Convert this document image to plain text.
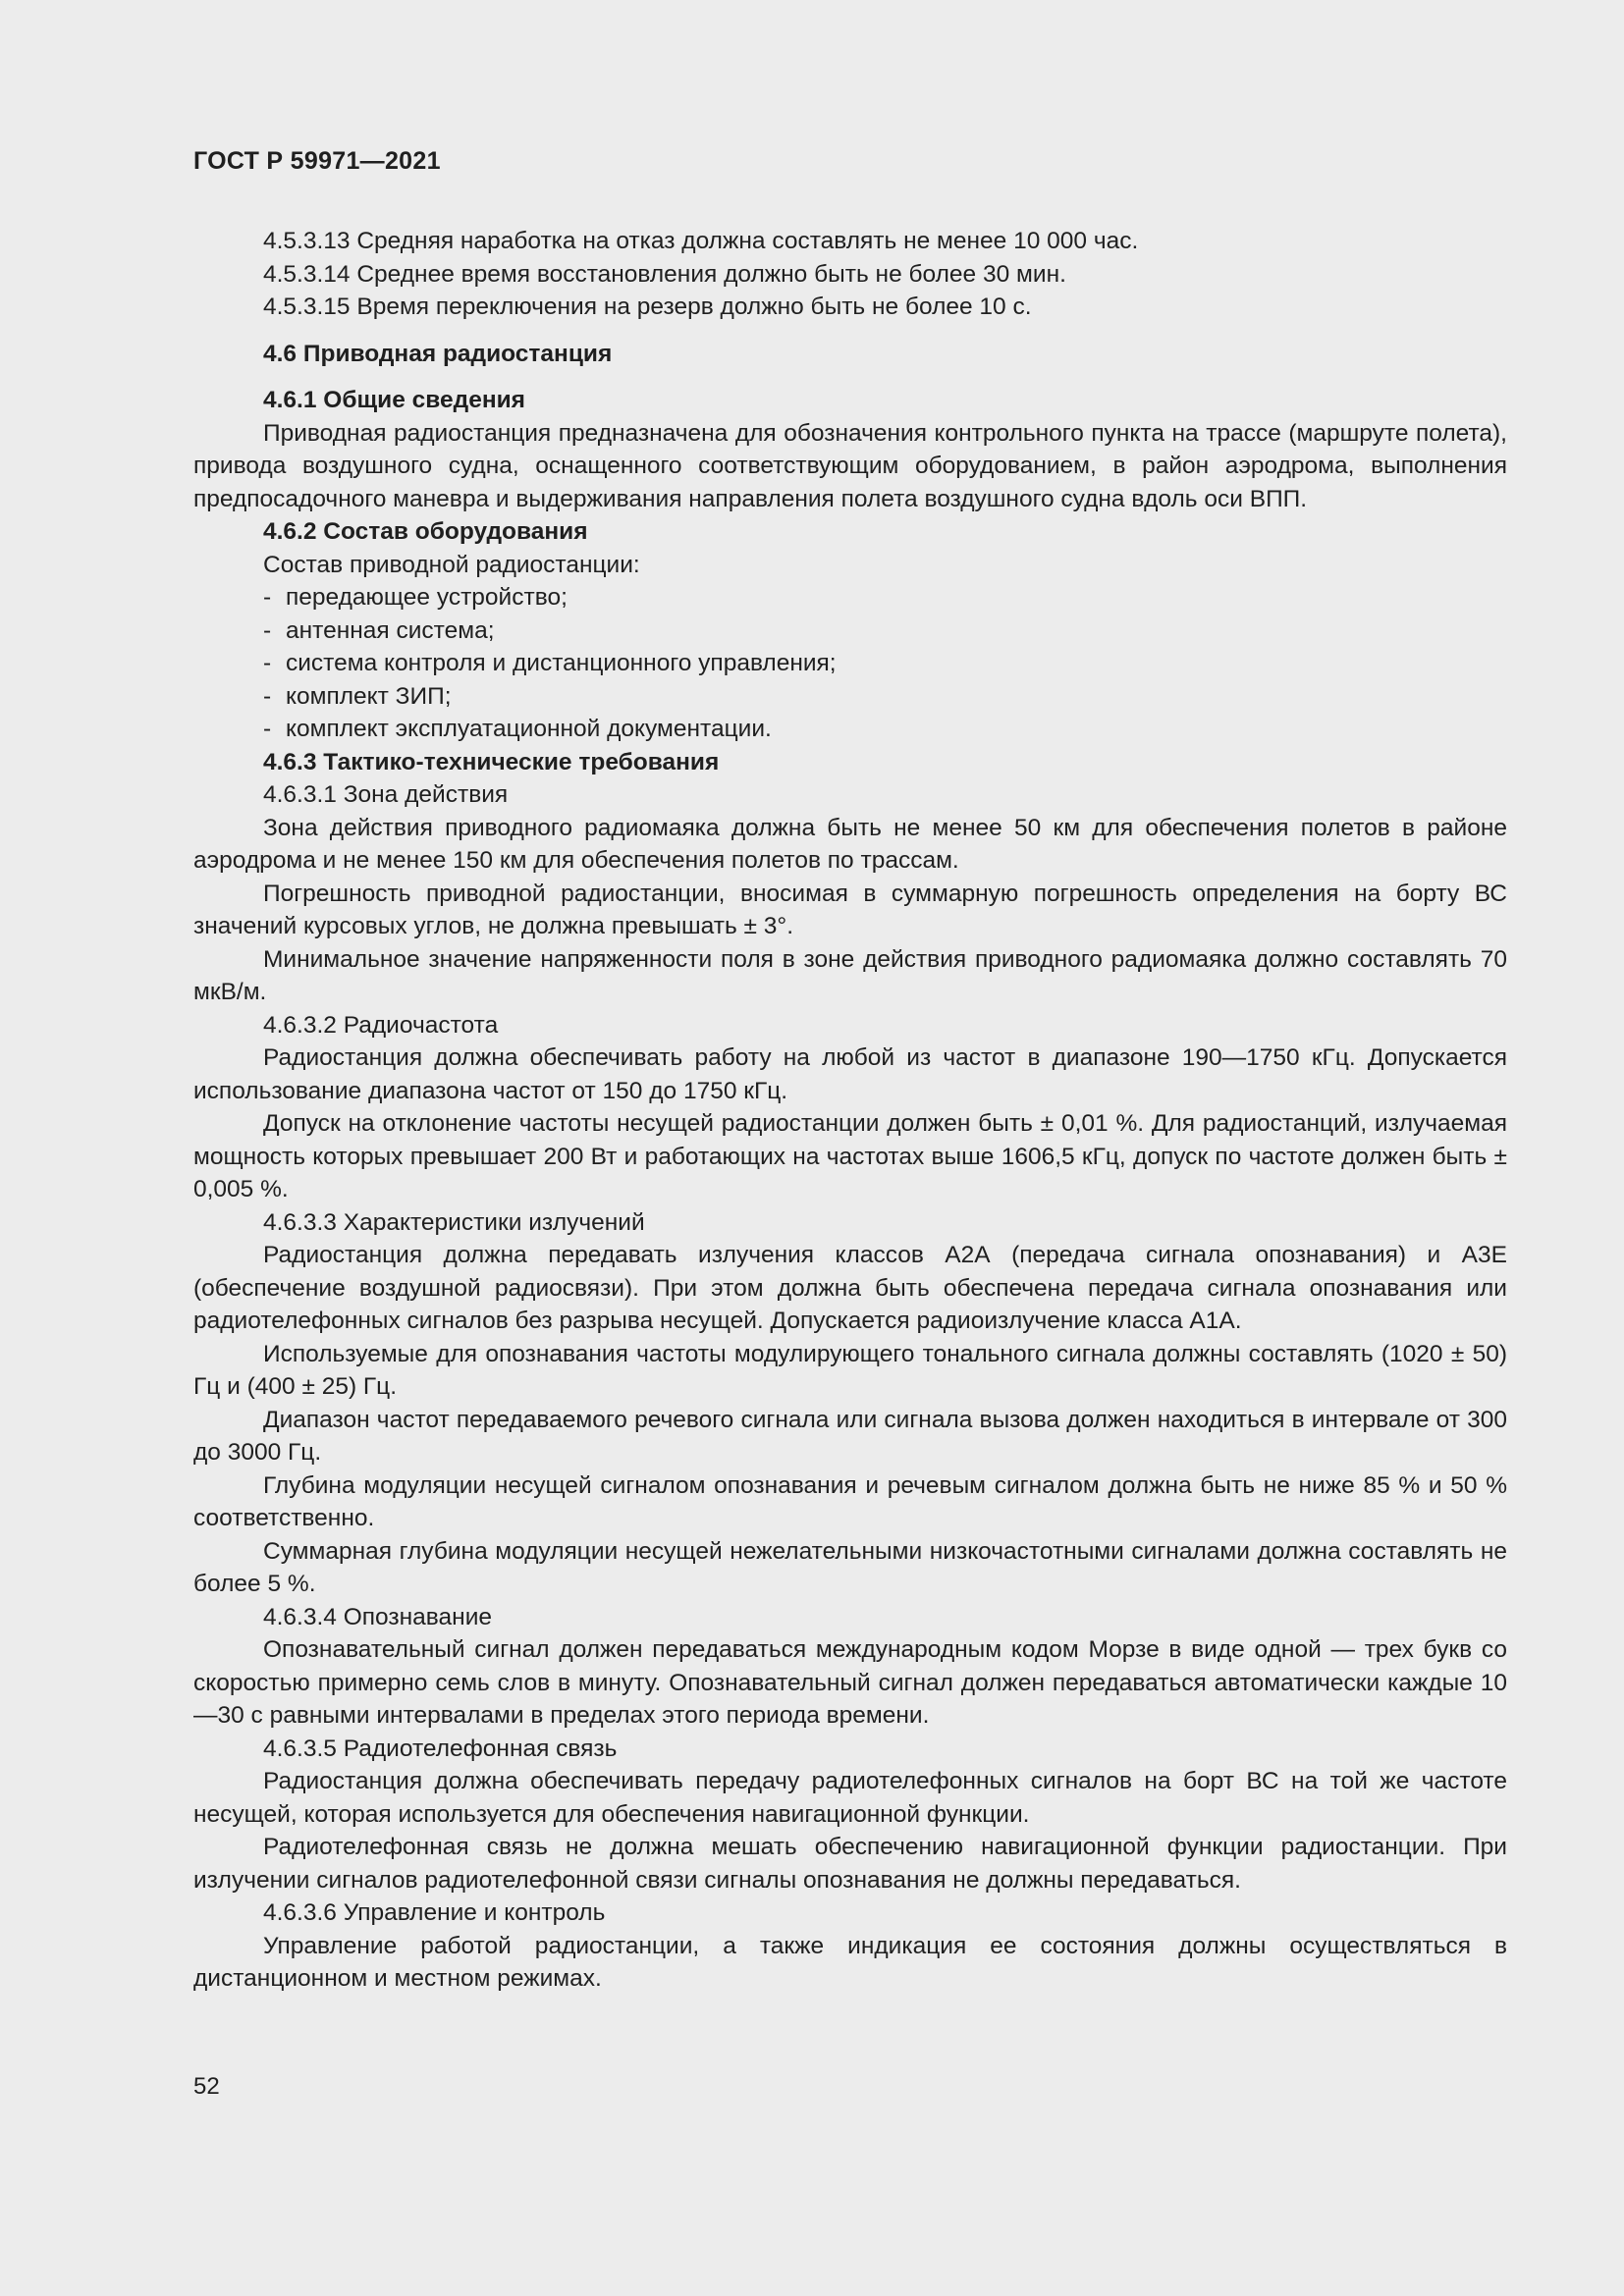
ГОСТ Р 59971—2021

4.5.3.13 Средняя наработка на отказ должна составлять не менее 10 000 час.

4.5.3.14 Среднее время восстановления должно быть не более 30 мин.

4.5.3.15 Время переключения на резерв должно быть не более 10 с.

4.6 Приводная радиостанция

4.6.1 Общие сведения

Приводная радиостанция предназначена для обозначения контрольного пункта на трассе (маршруте полета), привода воздушного судна, оснащенного соответствующим оборудованием, в район аэродрома, выполнения предпосадочного маневра и выдерживания направления полета воздушного судна вдоль оси ВПП.

4.6.2 Состав оборудования

Состав приводной радиостанции:

- передающее устройство;

- антенная система;

- система контроля и дистанционного управления;

- комплект ЗИП;

- комплект эксплуатационной документации.

4.6.3 Тактико-технические требования

4.6.3.1 Зона действия

Зона действия приводного радиомаяка должна быть не менее 50 км для обеспечения полетов в районе аэродрома и не менее 150 км для обеспечения полетов по трассам.

Погрешность приводной радиостанции, вносимая в суммарную погрешность определения на борту ВС значений курсовых углов, не должна превышать ± 3°.

Минимальное значение напряженности поля в зоне действия приводного радиомаяка должно составлять 70 мкВ/м.

4.6.3.2 Радиочастота

Радиостанция должна обеспечивать работу на любой из частот в диапазоне 190—1750 кГц. Допускается использование диапазона частот от 150 до 1750 кГц.

Допуск на отклонение частоты несущей радиостанции должен быть ± 0,01 %. Для радиостанций, излучаемая мощность которых превышает 200 Вт и работающих на частотах выше 1606,5 кГц, допуск по частоте должен быть ± 0,005 %.

4.6.3.3 Характеристики излучений

Радиостанция должна передавать излучения классов А2А (передача сигнала опознавания) и А3Е (обеспечение воздушной радиосвязи). При этом должна быть обеспечена передача сигнала опознавания или радиотелефонных сигналов без разрыва несущей. Допускается радиоизлучение класса А1А.

Используемые для опознавания частоты модулирующего тонального сигнала должны составлять (1020 ± 50) Гц и (400 ± 25) Гц.

Диапазон частот передаваемого речевого сигнала или сигнала вызова должен находиться в интервале от 300 до 3000 Гц.

Глубина модуляции несущей сигналом опознавания и речевым сигналом должна быть не ниже 85 % и 50 % соответственно.

Суммарная глубина модуляции несущей нежелательными низкочастотными сигналами должна составлять не более 5 %.

4.6.3.4 Опознавание

Опознавательный сигнал должен передаваться международным кодом Морзе в виде одной — трех букв со скоростью примерно семь слов в минуту. Опознавательный сигнал должен передаваться автоматически каждые 10—30 с равными интервалами в пределах этого периода времени.

4.6.3.5 Радиотелефонная связь

Радиостанция должна обеспечивать передачу радиотелефонных сигналов на борт ВС на той же частоте несущей, которая используется для обеспечения навигационной функции.

Радиотелефонная связь не должна мешать обеспечению навигационной функции радиостанции. При излучении сигналов радиотелефонной связи сигналы опознавания не должны передаваться.

4.6.3.6 Управление и контроль

Управление работой радиостанции, а также индикация ее состояния должны осуществляться в дистанционном и местном режимах.

52
